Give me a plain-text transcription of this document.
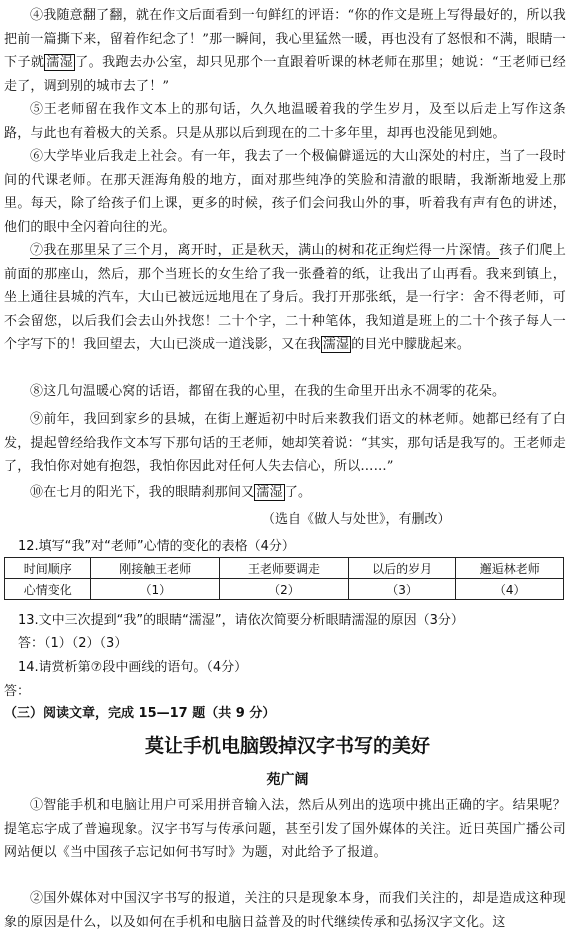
④我随意翻了翻，就在作文后面看到一句鲜红的评语：“你的作文是班上写得最好的，所以我把前一篇撕下来，留着作纪念了！”那一瞬间，我心里猛然一暖，再也没有了怒恨和不满，眼睛一下子就 濡湿 了。我跑去办公室，却只见那个一直跟着听课的林老师在那里；她说：“王老师已经走了，调到别的城市去了！”

⑤王老师留在我作文本上的那句话，久久地温暖着我的学生岁月，及至以后走上写作这条路，与此也有着极大的关系。只是从那以后到现在的二十多年里，却再也没能见到她。

⑥大学毕业后我走上社会。有一年，我去了一个极偏僻遥远的大山深处的村庄，当了一段时间的代课老师。在那天涯海角般的地方，面对那些纯净的笑脸和清澈的眼睛，我渐渐地爱上那里。每天，除了给孩子们上课，更多的时候，孩子们会问我山外的事，听着我有声有色的讲述，他们的眼中全闪着向往的光。

⑦我在那里呆了三个月，离开时，正是秋天，满山的树和花正绚烂得一片深情。孩子们爬上前面的那座山，然后，那个当班长的女生给了我一张叠着的纸，让我出了山再看。我来到镇上，坐上通往县城的汽车，大山已被远远地甩在了身后。我打开那张纸，是一行字：舍不得老师，可不会留您，以后我们会去山外找您！二十个字，二十种笔体，我知道是班上的二十个孩子每人一个字写下的！我回望去，大山已淡成一道浅影，又在我 濡湿 的目光中朦胧起来。

⑧这几句温暖心窝的话语，都留在我的心里，在我的生命里开出永不凋零的花朵。

⑨前年，我回到家乡的县城，在街上邂逅初中时后来教我们语文的林老师。她都已经有了白发，提起曾经给我作文本写下那句话的王老师，她却笑着说：“其实，那句话是我写的。王老师走了，我怕你对她有抱怨，我怕你因此对任何人失去信心，所以……”

⑩在七月的阳光下，我的眼睛刹那间又 濡湿 了。

（选自《做人与处世》，有删改）

12.填写“我”对“老师”心情的变化的表格（4分）

时间顺序	刚接触王老师	王老师要调走	以后的岁月	邂逅林老师
心情变化	（1）	（2）	（3）	（4）

13.文中三次提到“我”的眼睛“濡湿”，请依次简要分析眼睛濡湿的原因（3分）

答：（1）（2）（3）

14.请赏析第⑦段中画线的语句。（4分）

答：
（三）阅读文章，完成 15—17 题（共 9 分）
莫让手机电脑毁掉汉字书写的美好
苑广阔

①智能手机和电脑让用户可采用拼音输入法，然后从列出的选项中挑出正确的字。结果呢？提笔忘字成了普遍现象。汉字书写与传承问题，甚至引发了国外媒体的关注。近日英国广播公司网站便以《当中国孩子忘记如何书写时》为题，对此给予了报道。

②国外媒体对中国汉字书写的报道，关注的只是现象本身，而我们关注的，却是造成这种现象的原因是什么，以及如何在手机和电脑日益普及的时代继续传承和弘扬汉字文化。这
